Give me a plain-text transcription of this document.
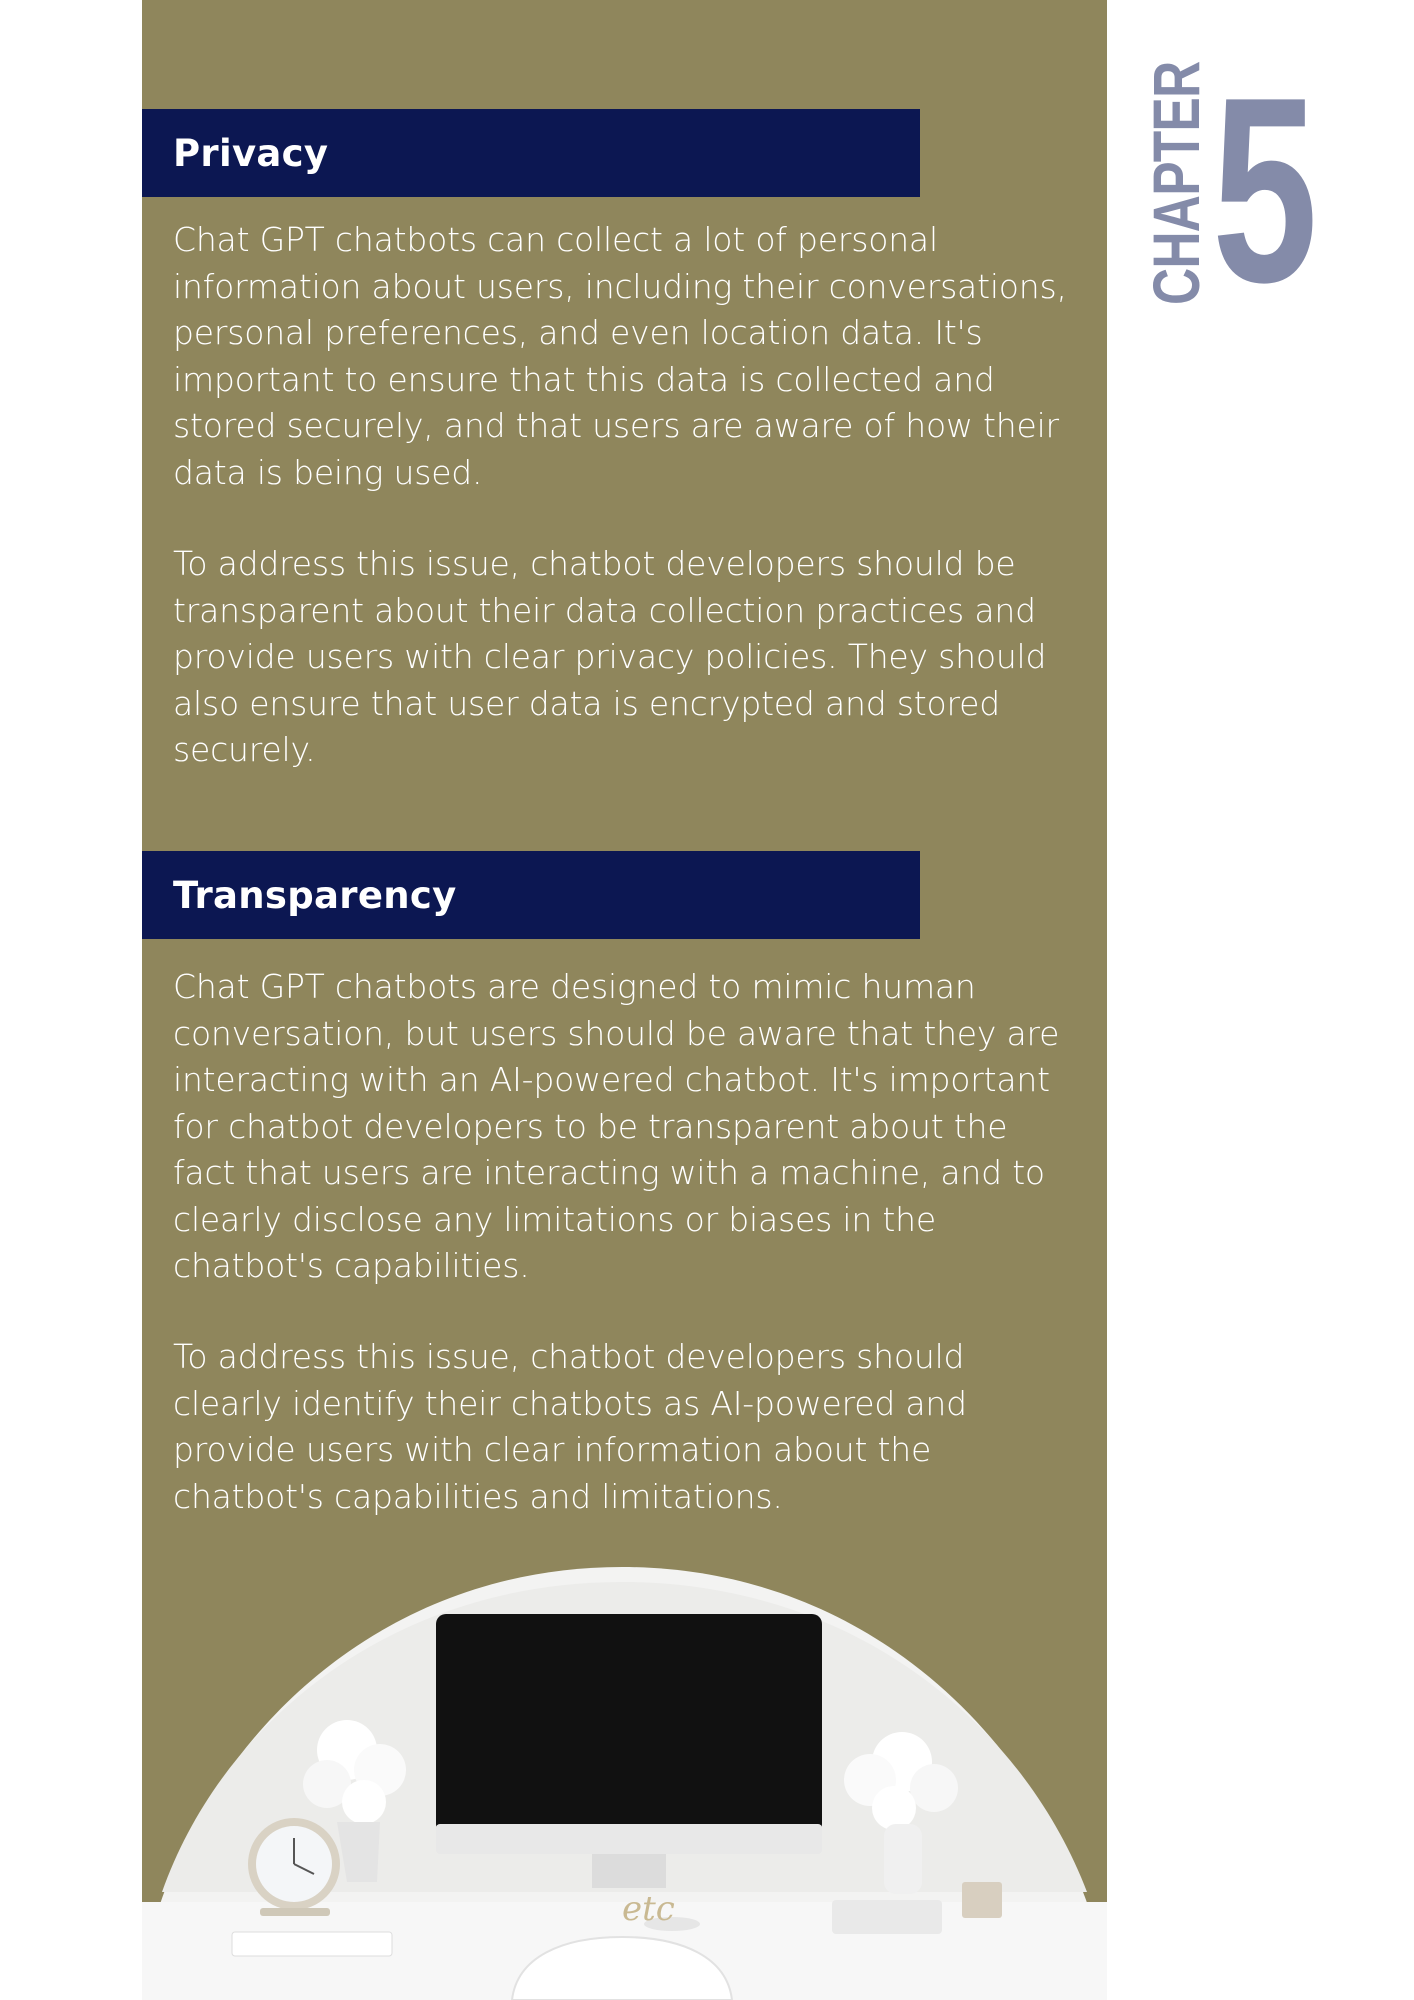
Privacy

Chat GPT chatbots can collect a lot of personal information about users, including their conversations, personal preferences, and even location data. It's important to ensure that this data is collected and stored securely, and that users are aware of how their data is being used.

To address this issue, chatbot developers should be transparent about their data collection practices and provide users with clear privacy policies. They should also ensure that user data is encrypted and stored securely.

Transparency

Chat GPT chatbots are designed to mimic human conversation, but users should be aware that they are interacting with an AI-powered chatbot. It's important for chatbot developers to be transparent about the fact that users are interacting with a machine, and to clearly disclose any limitations or biases in the chatbot's capabilities.

To address this issue, chatbot developers should clearly identify their chatbots as AI-powered and provide users with clear information about the chatbot's capabilities and limitations.

etc
CHAPTER 5
